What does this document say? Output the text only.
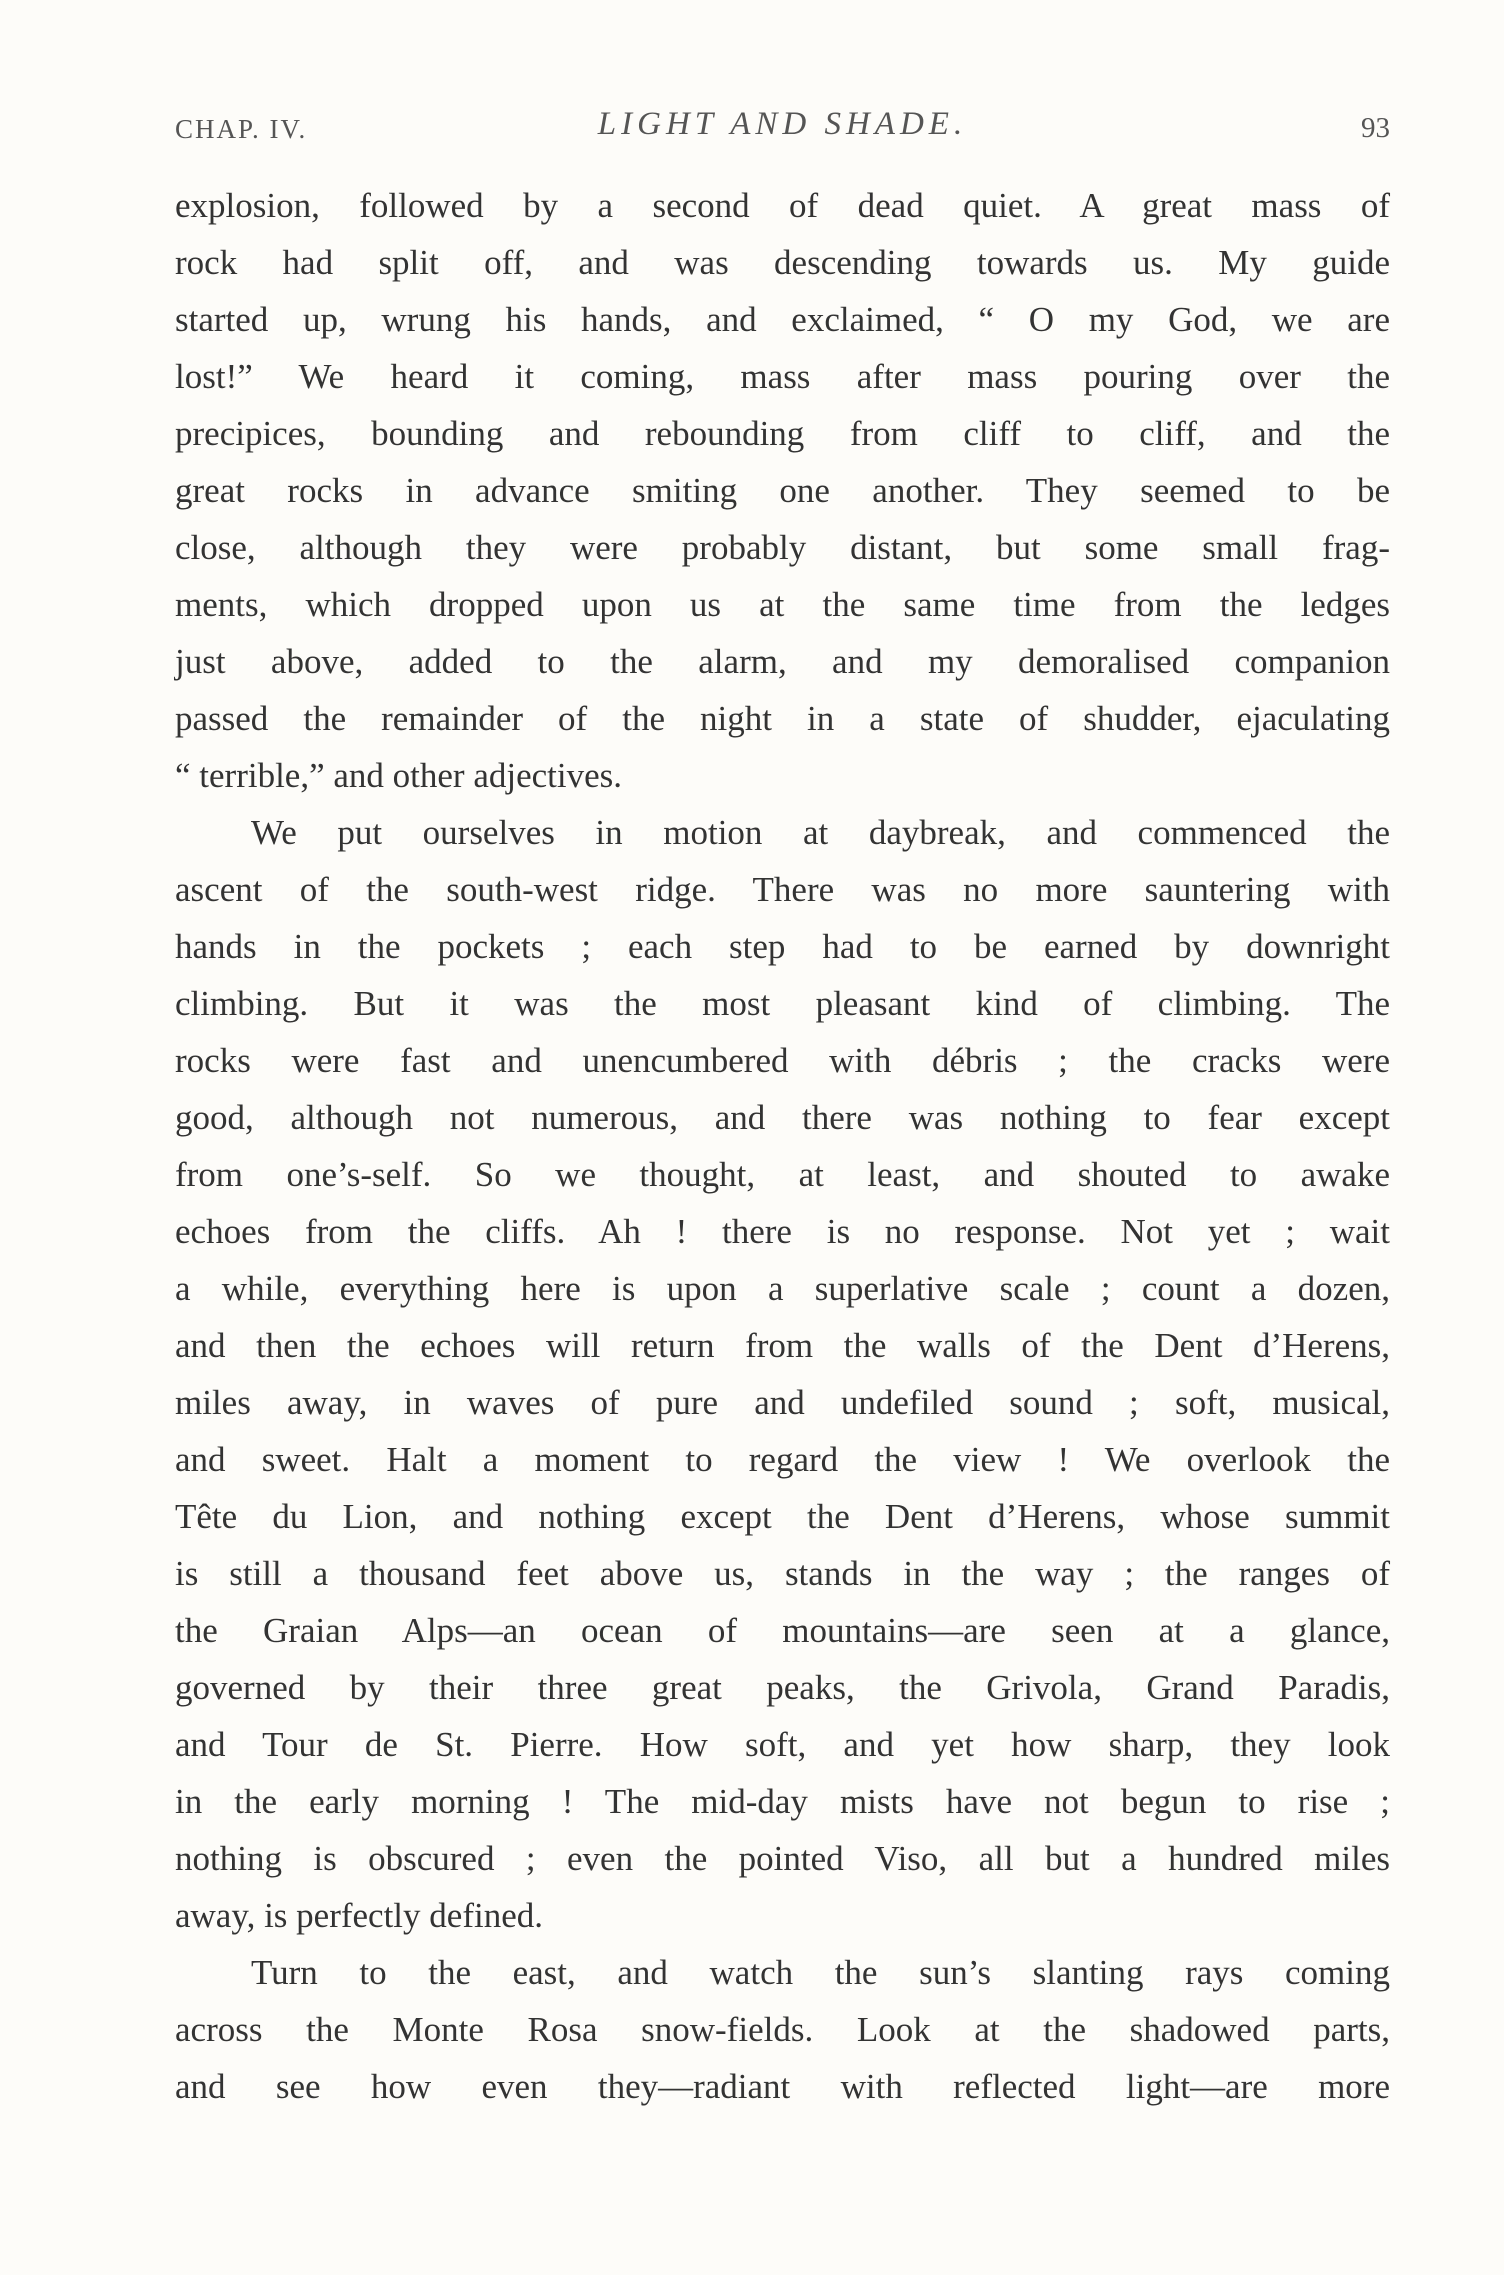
CHAP. IV.	LIGHT AND SHADE.	93
explosion, followed by a second of dead quiet. A great mass of
rock had split off, and was descending towards us. My guide
started up, wrung his hands, and exclaimed, “ O my God, we are
lost!” We heard it coming, mass after mass pouring over the
precipices, bounding and rebounding from cliff to cliff, and the
great rocks in advance smiting one another. They seemed to be
close, although they were probably distant, but some small frag-
ments, which dropped upon us at the same time from the ledges
just above, added to the alarm, and my demoralised companion
passed the remainder of the night in a state of shudder, ejaculating
“ terrible,” and other adjectives.
We put ourselves in motion at daybreak, and commenced the
ascent of the south-west ridge. There was no more sauntering with
hands in the pockets ; each step had to be earned by downright
climbing. But it was the most pleasant kind of climbing. The
rocks were fast and unencumbered with débris ; the cracks were
good, although not numerous, and there was nothing to fear except
from one’s-self. So we thought, at least, and shouted to awake
echoes from the cliffs. Ah ! there is no response. Not yet ; wait
a while, everything here is upon a superlative scale ; count a dozen,
and then the echoes will return from the walls of the Dent d’Herens,
miles away, in waves of pure and undefiled sound ; soft, musical,
and sweet. Halt a moment to regard the view ! We overlook the
Tête du Lion, and nothing except the Dent d’Herens, whose summit
is still a thousand feet above us, stands in the way ; the ranges of
the Graian Alps—an ocean of mountains—are seen at a glance,
governed by their three great peaks, the Grivola, Grand Paradis,
and Tour de St. Pierre. How soft, and yet how sharp, they look
in the early morning ! The mid-day mists have not begun to rise ;
nothing is obscured ; even the pointed Viso, all but a hundred miles
away, is perfectly defined.
Turn to the east, and watch the sun’s slanting rays coming
across the Monte Rosa snow-fields. Look at the shadowed parts,
and see how even they—radiant with reflected light—are more
